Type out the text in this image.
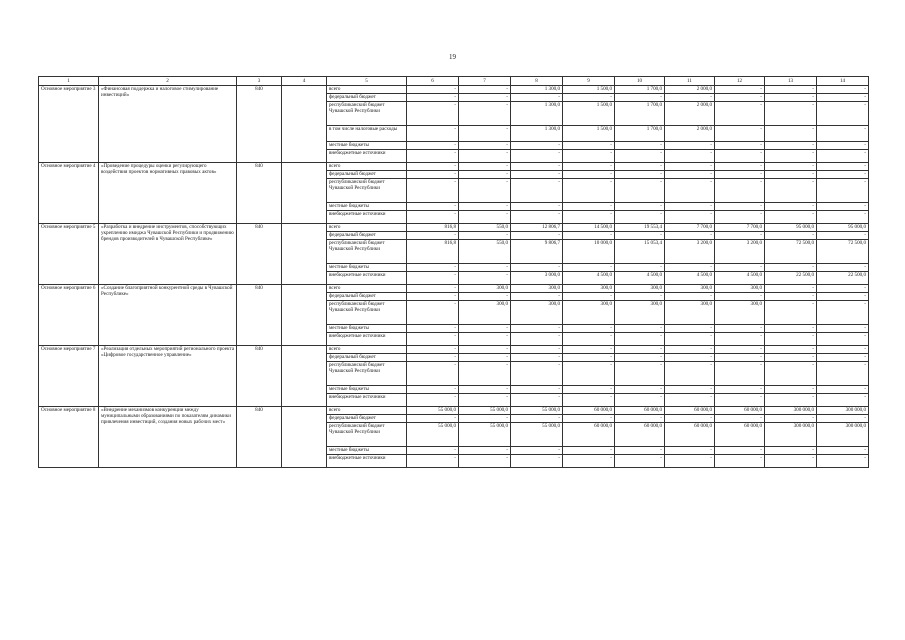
19
1	2	3	4	5	6	7	8	9	10	11	12	13	14
Основное мероприятие 3	«Финансовая поддержка и налоговое стимулирование инвестиций»	840		всего	-	-	1 300,0	1 500,0	1 700,0	2 000,0	-	-	-
				федеральный бюджет	-	-	-	-	-	-	-	-	-
				республиканский бюджет Чувашской Республики	-	-	1 300,0	1 500,0	1 700,0	2 000,0	-	-	-
				в том числе налоговые расходы	-	-	1 300,0	1 500,0	1 700,0	2 000,0	-	-	-
				местные бюджеты	-	-	-	-	-	-	-	-	-
				внебюджетные источники	-	-	-	-	-	-	-	-	-
Основное мероприятие 4	«Проведение процедуры оценки регулирующего воздействия проектов нормативных правовых актов»	840		всего	-	-	-	-	-	-	-	-	-
				федеральный бюджет	-	-	-	-	-	-	-	-	-
				республиканский бюджет Чувашской Республики	-	-	-	-	-	-	-	-	-
				местные бюджеты	-	-	-	-	-	-	-	-	-
				внебюджетные источники	-	-	-	-	-	-	-	-	-
Основное мероприятие 5	«Разработка и внедрение инструментов, способствующих укреплению имиджа Чувашской Республики и продвижению брендов производителей в Чувашской Республике»	840		всего	816,8	550,0	12 806,7	14 500,0	19 553,4	7 700,0	7 700,0	95 000,0	95 000,0
				федеральный бюджет	-	-	-	-	-	-	-	-	-
				республиканский бюджет Чувашской Республики	816,8	550,0	9 806,7	10 000,0	15 053,4	3 200,0	3 200,0	72 500,0	72 500,0
				местные бюджеты	-	-	-	-	-	-	-	-	-
				внебюджетные источники	-	-	3 000,0	4 500,0	4 500,0	4 500,0	4 500,0	22 500,0	22 500,0
Основное мероприятие 6	«Создание благоприятной конкурентной среды в Чувашской Республике»	840		всего	-	300,0	300,0	300,0	300,0	300,0	300,0	-	-
				федеральный бюджет	-	-	-	-	-	-	-	-	-
				республиканский бюджет Чувашской Республики	-	300,0	300,0	300,0	300,0	300,0	300,0	-	-
				местные бюджеты	-	-	-	-	-	-	-	-	-
				внебюджетные источники	-	-	-	-	-	-	-	-	-
Основное мероприятие 7	«Реализация отдельных мероприятий регионального проекта «Цифровое государственное управление»	840		всего	-	-	-	-	-	-	-	-	-
				федеральный бюджет	-	-	-	-	-	-	-	-	-
				республиканский бюджет Чувашской Республики	-	-	-	-	-	-	-	-	-
				местные бюджеты	-	-	-	-	-	-	-	-	-
				внебюджетные источники	-	-	-	-	-	-	-	-	-
Основное мероприятие 8	«Внедрение механизмов конкуренции между муниципальными образованиями по показателям динамики привлечения инвестиций, создания новых рабочих мест»	840		всего	55 000,0	55 000,0	55 000,0	60 000,0	60 000,0	60 000,0	60 000,0	300 000,0	300 000,0
				федеральный бюджет	-	-	-	-	-	-	-	-	-
				республиканский бюджет Чувашской Республики	55 000,0	55 000,0	55 000,0	60 000,0	60 000,0	60 000,0	60 000,0	300 000,0	300 000,0
				местные бюджеты	-	-	-	-	-	-	-	-	-
				внебюджетные источники	-	-	-	-	-	-	-	-	-
